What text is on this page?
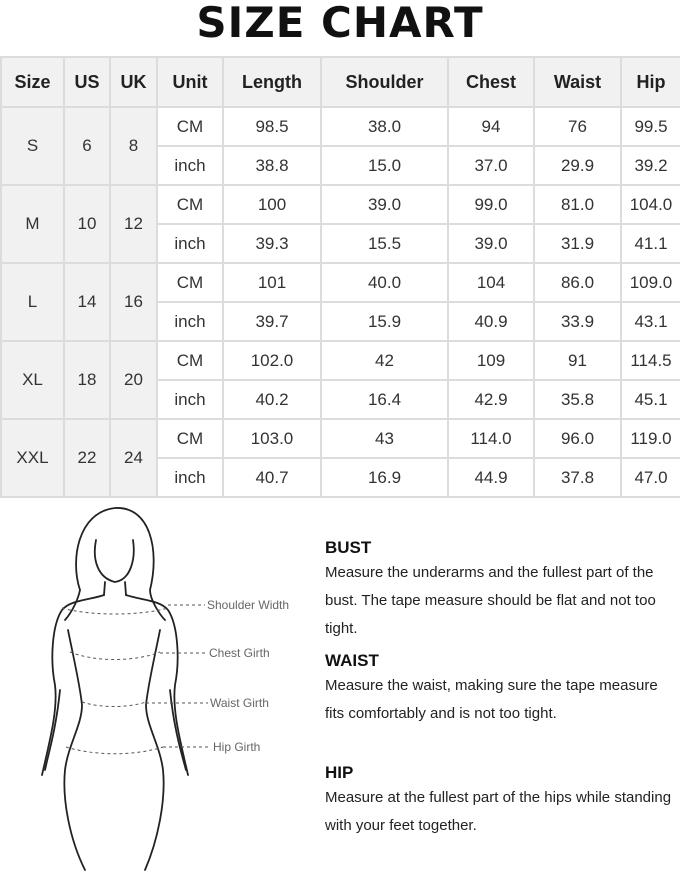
SIZE CHART
Size	US	UK	Unit	Length	Shoulder	Chest	Waist	Hip
S	6	8	CM	98.5	38.0	94	76	99.5
			inch	38.8	15.0	37.0	29.9	39.2
M	10	12	CM	100	39.0	99.0	81.0	104.0
			inch	39.3	15.5	39.0	31.9	41.1
L	14	16	CM	101	40.0	104	86.0	109.0
			inch	39.7	15.9	40.9	33.9	43.1
XL	18	20	CM	102.0	42	109	91	114.5
			inch	40.2	16.4	42.9	35.8	45.1
XXL	22	24	CM	103.0	43	114.0	96.0	119.0
			inch	40.7	16.9	44.9	37.8	47.0
Shoulder Width
Chest Girth
Waist Girth
Hip Girth
BUST

Measure the underarms and the fullest part of the bust. The tape measure should be flat and not too tight.

WAIST

Measure the waist, making sure the tape measure fits comfortably and is not too tight.

HIP

Measure at the fullest part of the hips while standing with your feet together.
